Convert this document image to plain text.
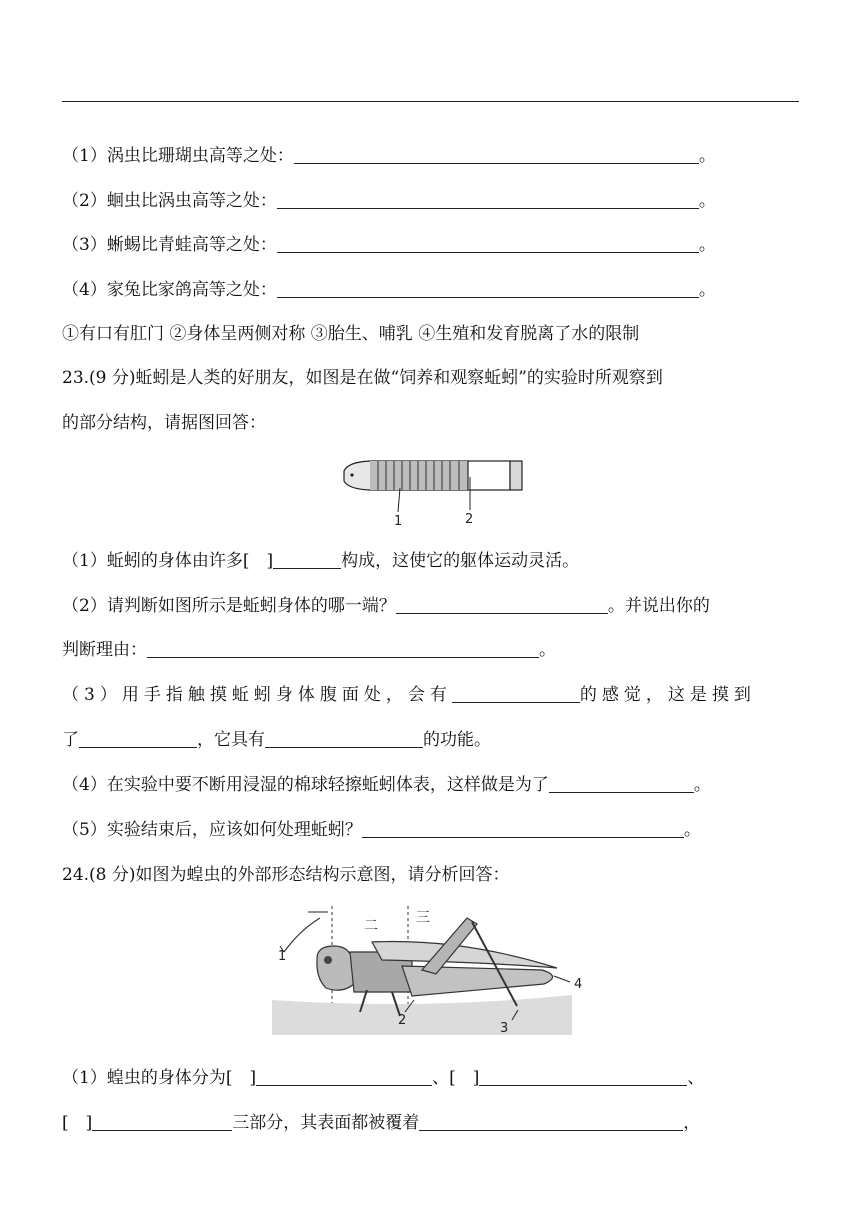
（1）涡虫比珊瑚虫高等之处：	。
（2）蛔虫比涡虫高等之处：	。
（3）蜥蜴比青蛙高等之处：	。
（4）家兔比家鸽高等之处：	。
①有口有肛门 ②身体呈两侧对称 ③胎生、哺乳 ④生殖和发育脱离了水的限制
23.(9 分)蚯蚓是人类的好朋友，如图是在做“饲养和观察蚯蚓”的实验时所观察到
的部分结构，请据图回答：
1	2
（1）蚯蚓的身体由许多[　]	构成，这使它的躯体运动灵活。
（2）请判断如图所示是蚯蚓身体的哪一端？	。并说出你的
判断理由：	。
（3）用手指触摸蚯蚓身体腹面处，会有	的感觉，这是摸到
了	，它具有	的功能。
（4）在实验中要不断用浸湿的棉球轻擦蚯蚓体表，这样做是为了	。
（5）实验结束后，应该如何处理蚯蚓？	。
24.(8 分)如图为蝗虫的外部形态结构示意图，请分析回答：
二	三
1
2
3
4
（1）蝗虫的身体分为[　]	、[　]	、
[　]	三部分，其表面都被覆着	，
